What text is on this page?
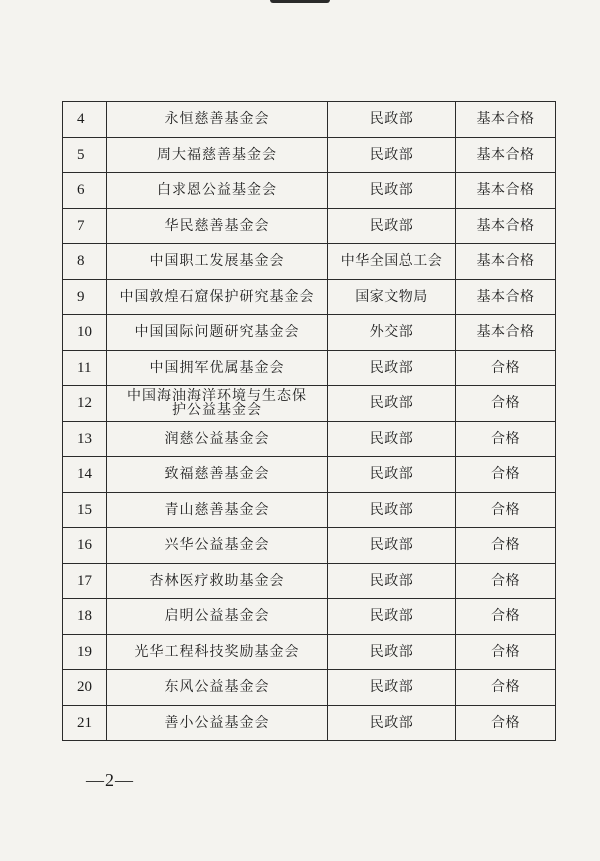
4	永恒慈善基金会	民政部	基本合格
5	周大福慈善基金会	民政部	基本合格
6	白求恩公益基金会	民政部	基本合格
7	华民慈善基金会	民政部	基本合格
8	中国职工发展基金会	中华全国总工会	基本合格
9	中国敦煌石窟保护研究基金会	国家文物局	基本合格
10	中国国际问题研究基金会	外交部	基本合格
11	中国拥军优属基金会	民政部	合格
12	中国海油海洋环境与生态保护公益基金会	民政部	合格
13	润慈公益基金会	民政部	合格
14	致福慈善基金会	民政部	合格
15	青山慈善基金会	民政部	合格
16	兴华公益基金会	民政部	合格
17	杏林医疗救助基金会	民政部	合格
18	启明公益基金会	民政部	合格
19	光华工程科技奖励基金会	民政部	合格
20	东风公益基金会	民政部	合格
21	善小公益基金会	民政部	合格
—2—
